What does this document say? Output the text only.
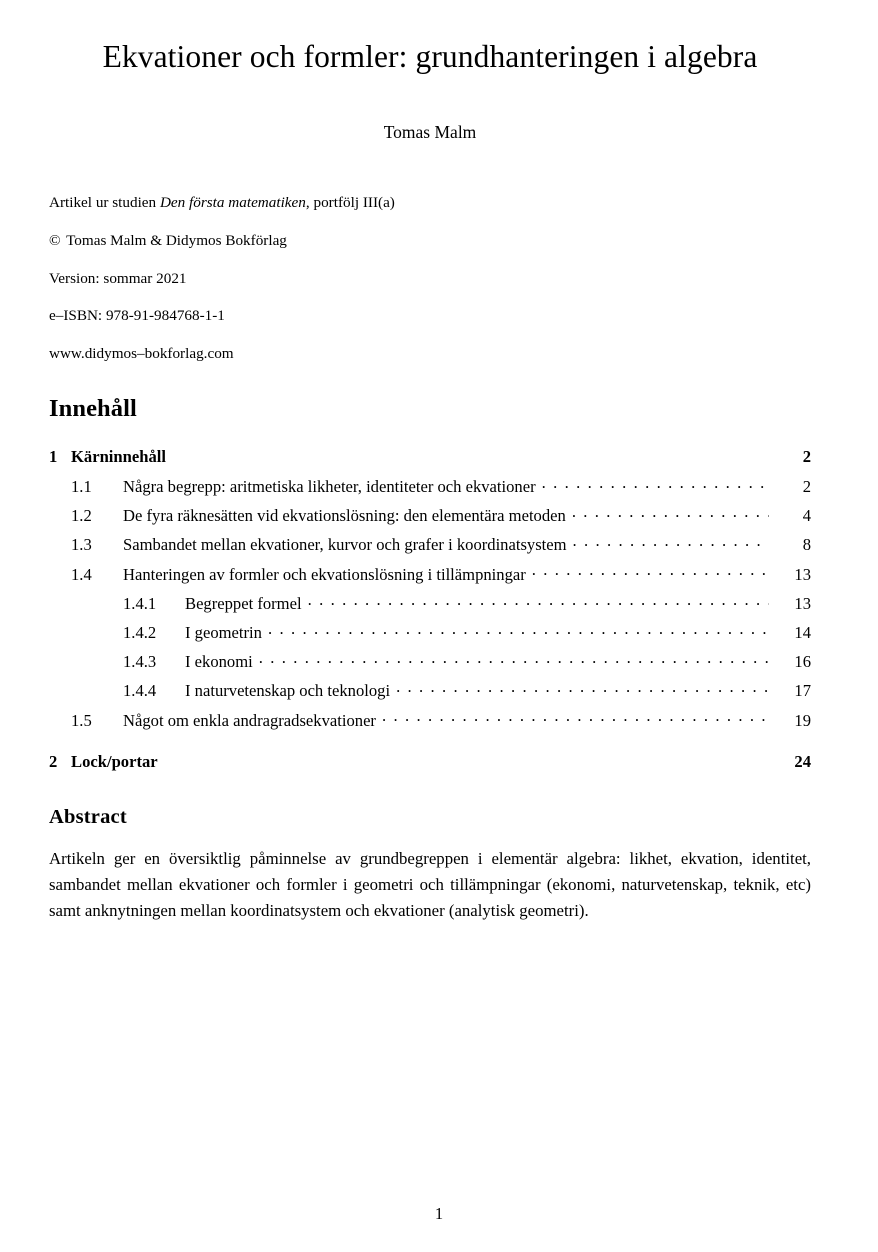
Ekvationer och formler: grundhanteringen i algebra
Tomas Malm
Artikel ur studien Den första matematiken, portfölj III(a)
© Tomas Malm & Didymos Bokförlag
Version: sommar 2021
e–ISBN: 978-91-984768-1-1
www.didymos–bokforlag.com
Innehåll
1 Kärninnehåll	2
1.1	Några begrepp: aritmetiska likheter, identiteter och ekvationer . . .	2
1.2	De fyra räknesätten vid ekvationslösning: den elementära metoden . . .	4
1.3	Sambandet mellan ekvationer, kurvor och grafer i koordinatsystem . . .	8
1.4	Hanteringen av formler och ekvationslösning i tillämpningar . . .	13
1.4.1	Begreppet formel . . .	13
1.4.2	I geometrin . . .	14
1.4.3	I ekonomi . . .	16
1.4.4	I naturvetenskap och teknologi . . .	17
1.5	Något om enkla andragradsekvationer . . .	19
2 Lock/portar	24
Abstract
Artikeln ger en översiktlig påminnelse av grundbegreppen i elementär algebra: likhet, ekvation, identitet, sambandet mellan ekvationer och formler i geometri och tillämpningar (ekonomi, naturvetenskap, teknik, etc) samt anknytningen mellan koordinatsystem och ekvationer (analytisk geometri).
1
